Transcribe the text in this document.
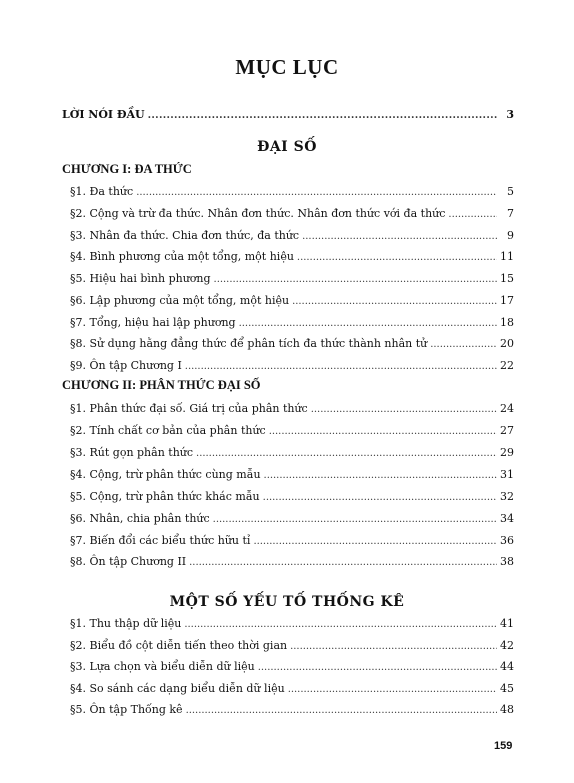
MỤC LỤC
LỜI NÓI ĐẦU . . .	3
ĐẠI SỐ
CHƯƠNG I: ĐA THỨC
§1. Đa thức . . .	5
§2. Cộng và trừ đa thức. Nhân đơn thức. Nhân đơn thức với đa thức . . .	7
§3. Nhân đa thức. Chia đơn thức, đa thức . . .	9
§4. Bình phương của một tổng, một hiệu . . .	11
§5. Hiệu hai bình phương . . .	15
§6. Lập phương của một tổng, một hiệu . . .	17
§7. Tổng, hiệu hai lập phương . . .	18
§8. Sử dụng hằng đẳng thức để phân tích đa thức thành nhân tử . . .	20
§9. Ôn tập Chương I . . .	22
CHƯƠNG II: PHÂN THỨC ĐẠI SỐ
§1. Phân thức đại số. Giá trị của phân thức . . .	24
§2. Tính chất cơ bản của phân thức . . .	27
§3. Rút gọn phân thức . . .	29
§4. Cộng, trừ phân thức cùng mẫu . . .	31
§5. Cộng, trừ phân thức khác mẫu . . .	32
§6. Nhân, chia phân thức . . .	34
§7. Biến đổi các biểu thức hữu tỉ . . .	36
§8. Ôn tập Chương II . . .	38
MỘT SỐ YẾU TỐ THỐNG KÊ
§1. Thu thập dữ liệu . . .	41
§2. Biểu đồ cột diễn tiến theo thời gian . . .	42
§3. Lựa chọn và biểu diễn dữ liệu . . .	44
§4. So sánh các dạng biểu diễn dữ liệu . . .	45
§5. Ôn tập Thống kê . . .	48
159
